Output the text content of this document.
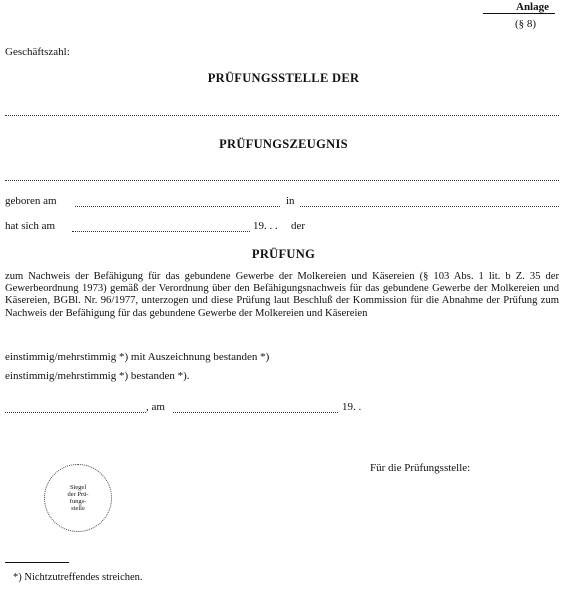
Anlage
(§ 8)
Geschäftszahl:
PRÜFUNGSSTELLE DER
PRÜFUNGSZEUGNIS
geboren am	in
hat sich am	19. . . der
PRÜFUNG
zum Nachweis der Befähigung für das gebundene Gewerbe der Molkereien und Käsereien (§ 103 Abs. 1 lit. b Z. 35 der Gewerbeordnung 1973) gemäß der Verordnung über den Befähigungsnachweis für das gebundene Gewerbe der Molkereien und Käsereien, BGBl. Nr. 96/1977, unterzogen und diese Prüfung laut Beschluß der Kommission für die Abnahme der Prüfung zum Nachweis der Befähigung für das gebundene Gewerbe der Molkereien und Käsereien
einstimmig/mehrstimmig *) mit Auszeichnung bestanden *)
einstimmig/mehrstimmig *) bestanden *).
, am	19. .
Für die Prüfungsstelle:
Siegel
der Prü-
fungs-
stelle
*) Nichtzutreffendes streichen.
